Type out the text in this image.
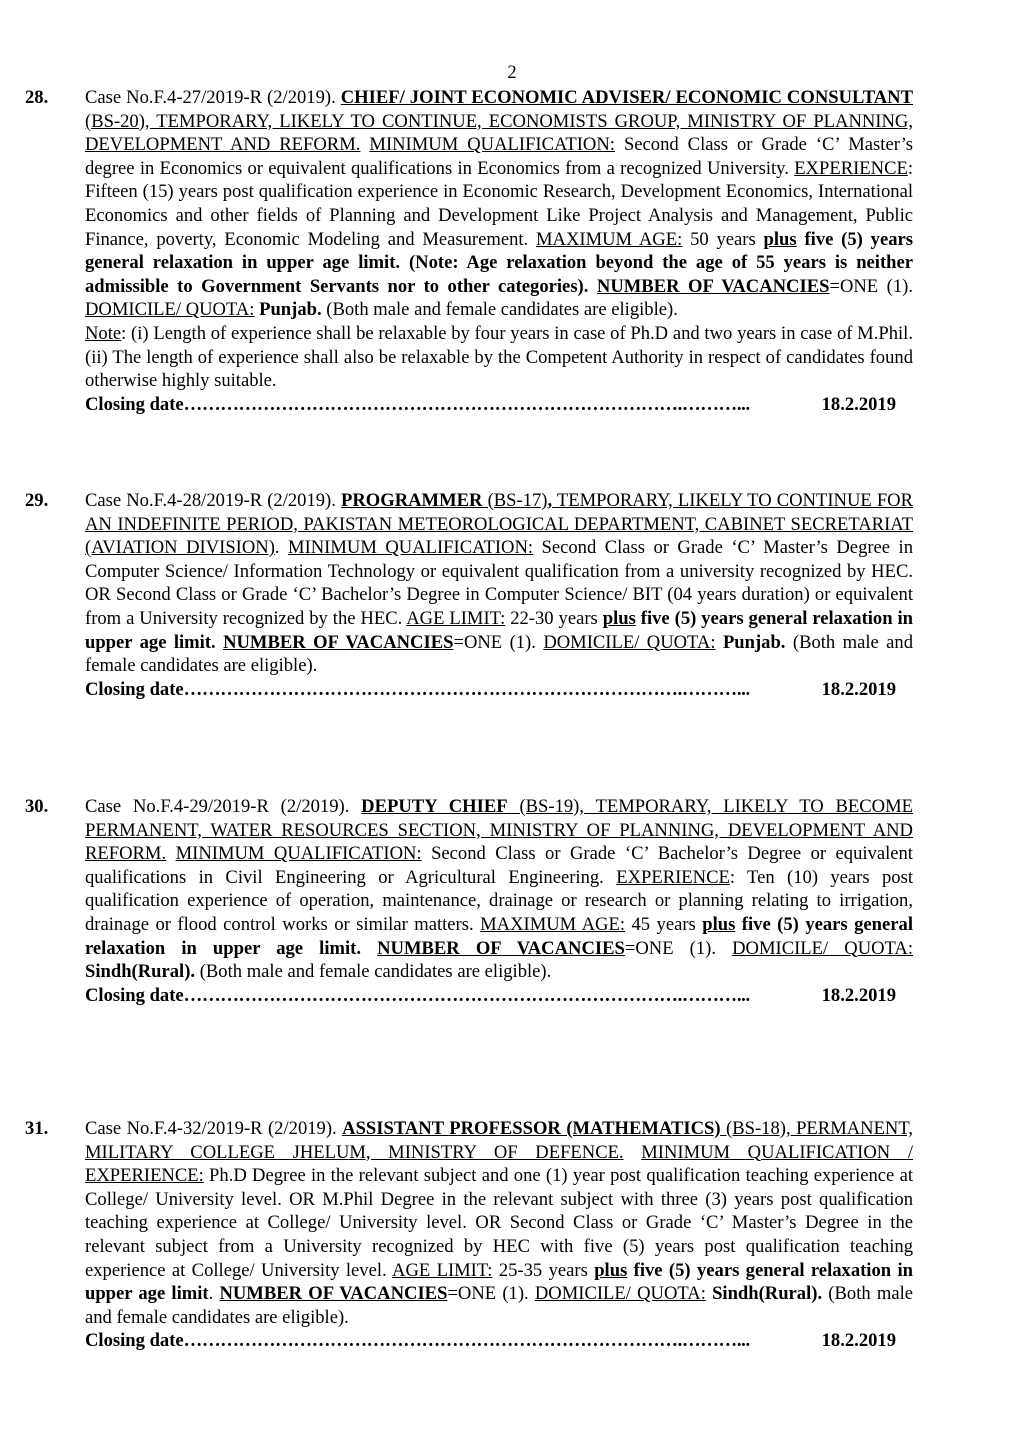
2
28. Case No.F.4-27/2019-R (2/2019). CHIEF/ JOINT ECONOMIC ADVISER/ ECONOMIC CONSULTANT (BS-20), TEMPORARY, LIKELY TO CONTINUE, ECONOMISTS GROUP, MINISTRY OF PLANNING, DEVELOPMENT AND REFORM. MINIMUM QUALIFICATION: Second Class or Grade ‘C’ Master’s degree in Economics or equivalent qualifications in Economics from a recognized University. EXPERIENCE: Fifteen (15) years post qualification experience in Economic Research, Development Economics, International Economics and other fields of Planning and Development Like Project Analysis and Management, Public Finance, poverty, Economic Modeling and Measurement. MAXIMUM AGE: 50 years plus five (5) years general relaxation in upper age limit. (Note: Age relaxation beyond the age of 55 years is neither admissible to Government Servants nor to other categories). NUMBER OF VACANCIES=ONE (1). DOMICILE/ QUOTA: Punjab. (Both male and female candidates are eligible).
Note: (i) Length of experience shall be relaxable by four years in case of Ph.D and two years in case of M.Phil. (ii) The length of experience shall also be relaxable by the Competent Authority in respect of candidates found otherwise highly suitable.
Closing date ……………………………………………………………………….………...	18.2.2019
29. Case No.F.4-28/2019-R (2/2019). PROGRAMMER (BS-17), TEMPORARY, LIKELY TO CONTINUE FOR AN INDEFINITE PERIOD, PAKISTAN METEOROLOGICAL DEPARTMENT, CABINET SECRETARIAT (AVIATION DIVISION). MINIMUM QUALIFICATION: Second Class or Grade ‘C’ Master’s Degree in Computer Science/ Information Technology or equivalent qualification from a university recognized by HEC. OR Second Class or Grade ‘C’ Bachelor’s Degree in Computer Science/ BIT (04 years duration) or equivalent from a University recognized by the HEC. AGE LIMIT: 22-30 years plus five (5) years general relaxation in upper age limit. NUMBER OF VACANCIES=ONE (1). DOMICILE/ QUOTA: Punjab. (Both male and female candidates are eligible).
Closing date ……………………………………………………………………….………...	18.2.2019
30. Case No.F.4-29/2019-R (2/2019). DEPUTY CHIEF (BS-19), TEMPORARY, LIKELY TO BECOME PERMANENT, WATER RESOURCES SECTION, MINISTRY OF PLANNING, DEVELOPMENT AND REFORM. MINIMUM QUALIFICATION: Second Class or Grade ‘C’ Bachelor’s Degree or equivalent qualifications in Civil Engineering or Agricultural Engineering. EXPERIENCE: Ten (10) years post qualification experience of operation, maintenance, drainage or research or planning relating to irrigation, drainage or flood control works or similar matters. MAXIMUM AGE: 45 years plus five (5) years general relaxation in upper age limit. NUMBER OF VACANCIES=ONE (1). DOMICILE/ QUOTA: Sindh(Rural). (Both male and female candidates are eligible).
Closing date ……………………………………………………………………….………...	18.2.2019
31. Case No.F.4-32/2019-R (2/2019). ASSISTANT PROFESSOR (MATHEMATICS) (BS-18), PERMANENT, MILITARY COLLEGE JHELUM, MINISTRY OF DEFENCE. MINIMUM QUALIFICATION / EXPERIENCE: Ph.D Degree in the relevant subject and one (1) year post qualification teaching experience at College/ University level. OR M.Phil Degree in the relevant subject with three (3) years post qualification teaching experience at College/ University level. OR Second Class or Grade ‘C’ Master’s Degree in the relevant subject from a University recognized by HEC with five (5) years post qualification teaching experience at College/ University level. AGE LIMIT: 25-35 years plus five (5) years general relaxation in upper age limit. NUMBER OF VACANCIES=ONE (1). DOMICILE/ QUOTA: Sindh(Rural). (Both male and female candidates are eligible).
Closing date ……………………………………………………………………….………...	18.2.2019
